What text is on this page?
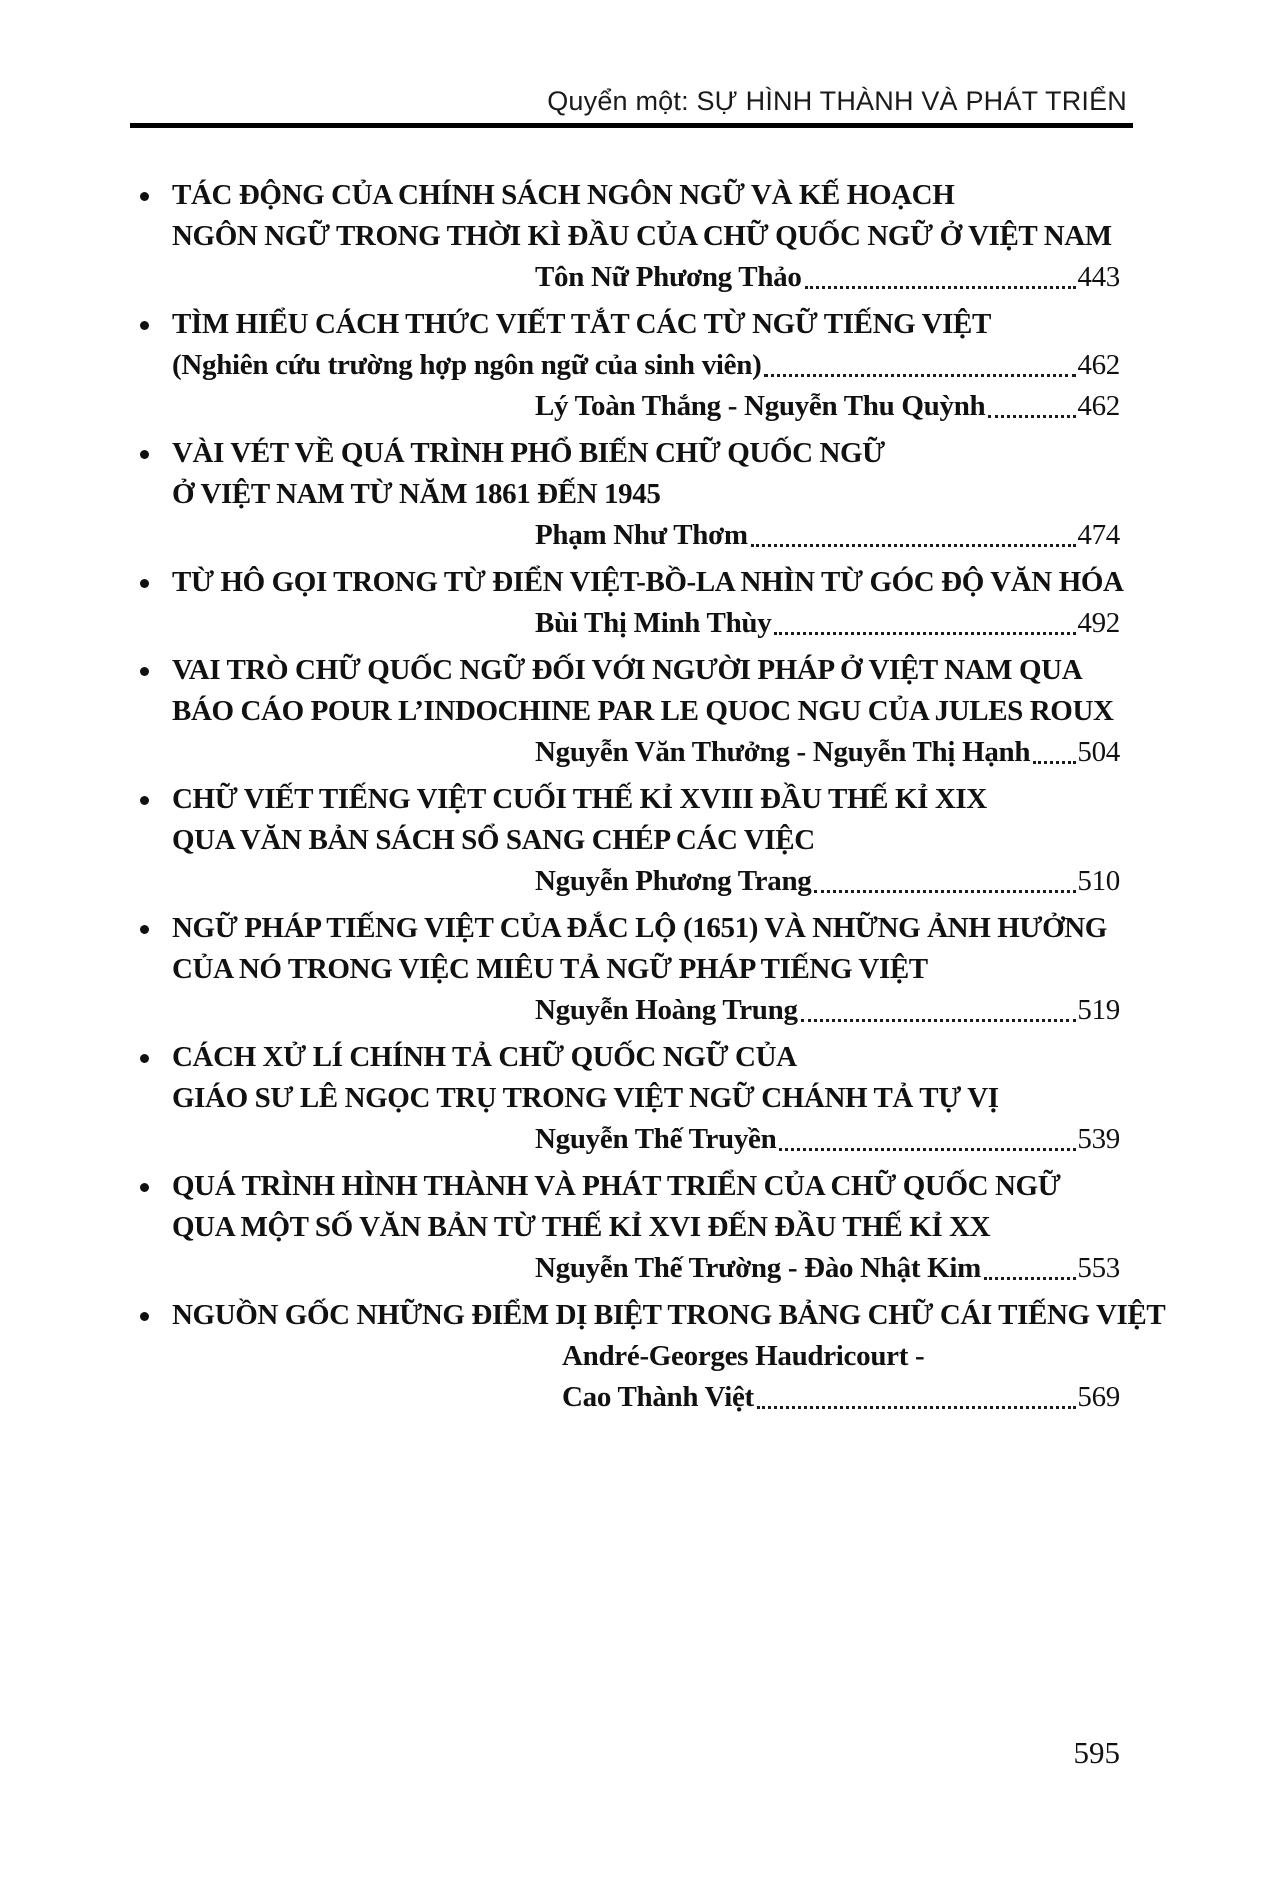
Quyển một: SỰ HÌNH THÀNH VÀ PHÁT TRIỂN
TÁC ĐỘNG CỦA CHÍNH SÁCH NGÔN NGỮ VÀ KẾ HOẠCH
NGÔN NGỮ TRONG THỜI KÌ ĐẦU CỦA CHỮ QUỐC NGỮ Ở VIỆT NAM
Tôn Nữ Phương Thảo	443
TÌM HIỂU CÁCH THỨC VIẾT TẮT CÁC TỪ NGỮ TIẾNG VIỆT
(Nghiên cứu trường hợp ngôn ngữ của sinh viên)	462
Lý Toàn Thắng - Nguyễn Thu Quỳnh	462
VÀI VÉT VỀ QUÁ TRÌNH PHỔ BIẾN CHỮ QUỐC NGỮ
Ở VIỆT NAM TỪ NĂM 1861 ĐẾN 1945
Phạm Như Thơm	474
TỪ HÔ GỌI TRONG TỪ ĐIỂN VIỆT-BỒ-LA NHÌN TỪ GÓC ĐỘ VĂN HÓA
Bùi Thị Minh Thùy	492
VAI TRÒ CHỮ QUỐC NGỮ ĐỐI VỚI NGƯỜI PHÁP Ở VIỆT NAM QUA
BÁO CÁO POUR L’INDOCHINE PAR LE QUOC NGU CỦA JULES ROUX
Nguyễn Văn Thưởng - Nguyễn Thị Hạnh 504
CHỮ VIẾT TIẾNG VIỆT CUỐI THẾ KỈ XVIII ĐẦU THẾ KỈ XIX
QUA VĂN BẢN SÁCH SỔ SANG CHÉP CÁC VIỆC
Nguyễn Phương Trang	510
NGỮ PHÁP TIẾNG VIỆT CỦA ĐẮC LỘ (1651) VÀ NHỮNG ẢNH HƯỞNG
CỦA NÓ TRONG VIỆC MIÊU TẢ NGỮ PHÁP TIẾNG VIỆT
Nguyễn Hoàng Trung	519
CÁCH XỬ LÍ CHÍNH TẢ CHỮ QUỐC NGỮ CỦA
GIÁO SƯ LÊ NGỌC TRỤ TRONG VIỆT NGỮ CHÁNH TẢ TỰ VỊ
Nguyễn Thế Truyền	539
QUÁ TRÌNH HÌNH THÀNH VÀ PHÁT TRIỂN CỦA CHỮ QUỐC NGỮ
QUA MỘT SỐ VĂN BẢN TỪ THẾ KỈ XVI ĐẾN ĐẦU THẾ KỈ XX
Nguyễn Thế Trường - Đào Nhật Kim	553
NGUỒN GỐC NHỮNG ĐIỂM DỊ BIỆT TRONG BẢNG CHỮ CÁI TIẾNG VIỆT
André-Georges Haudricourt -
Cao Thành Việt	569
595
